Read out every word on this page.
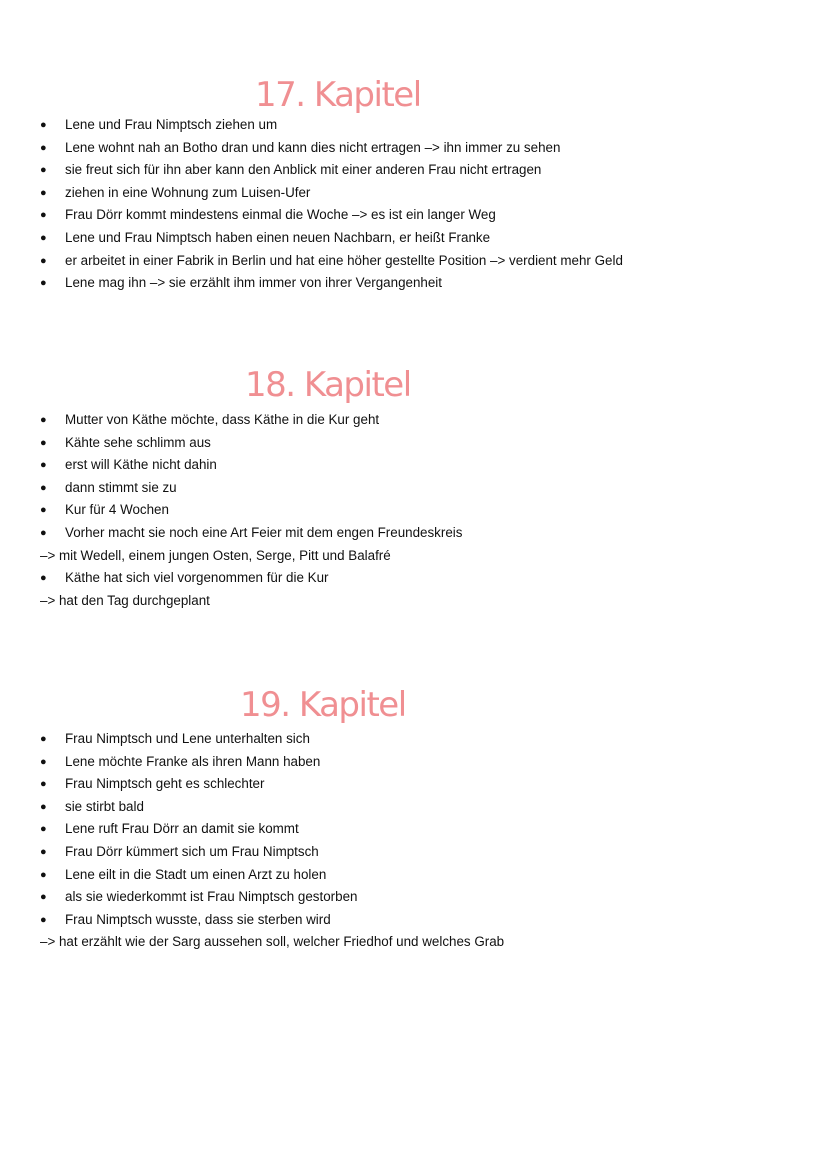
17. Kapitel
●	Lene und Frau Nimptsch ziehen um
●	Lene wohnt nah an Botho dran und kann dies nicht ertragen –> ihn immer zu sehen
●	sie freut sich für ihn aber kann den Anblick mit einer anderen Frau nicht ertragen
●	ziehen in eine Wohnung zum Luisen-Ufer
●	Frau Dörr kommt mindestens einmal die Woche –> es ist ein langer Weg
●	Lene und Frau Nimptsch haben einen neuen Nachbarn, er heißt Franke
●	er arbeitet in einer Fabrik in Berlin und hat eine höher gestellte Position –> verdient mehr Geld
●	Lene mag ihn –> sie erzählt ihm immer von ihrer Vergangenheit
18. Kapitel
●	Mutter von Käthe möchte, dass Käthe in die Kur geht
●	Kähte sehe schlimm aus
●	erst will Käthe nicht dahin
●	dann stimmt sie zu
●	Kur für 4 Wochen
●	Vorher macht sie noch eine Art Feier mit dem engen Freundeskreis
–> mit Wedell, einem jungen Osten, Serge, Pitt und Balafré
●	Käthe hat sich viel vorgenommen für die Kur
–> hat den Tag durchgeplant
19. Kapitel
●	Frau Nimptsch und Lene unterhalten sich
●	Lene möchte Franke als ihren Mann haben
●	Frau Nimptsch geht es schlechter
●	sie stirbt bald
●	Lene ruft Frau Dörr an damit sie kommt
●	Frau Dörr kümmert sich um Frau Nimptsch
●	Lene eilt in die Stadt um einen Arzt zu holen
●	als sie wiederkommt ist Frau Nimptsch gestorben
●	Frau Nimptsch wusste, dass sie sterben wird
–> hat erzählt wie der Sarg aussehen soll, welcher Friedhof und welches Grab
